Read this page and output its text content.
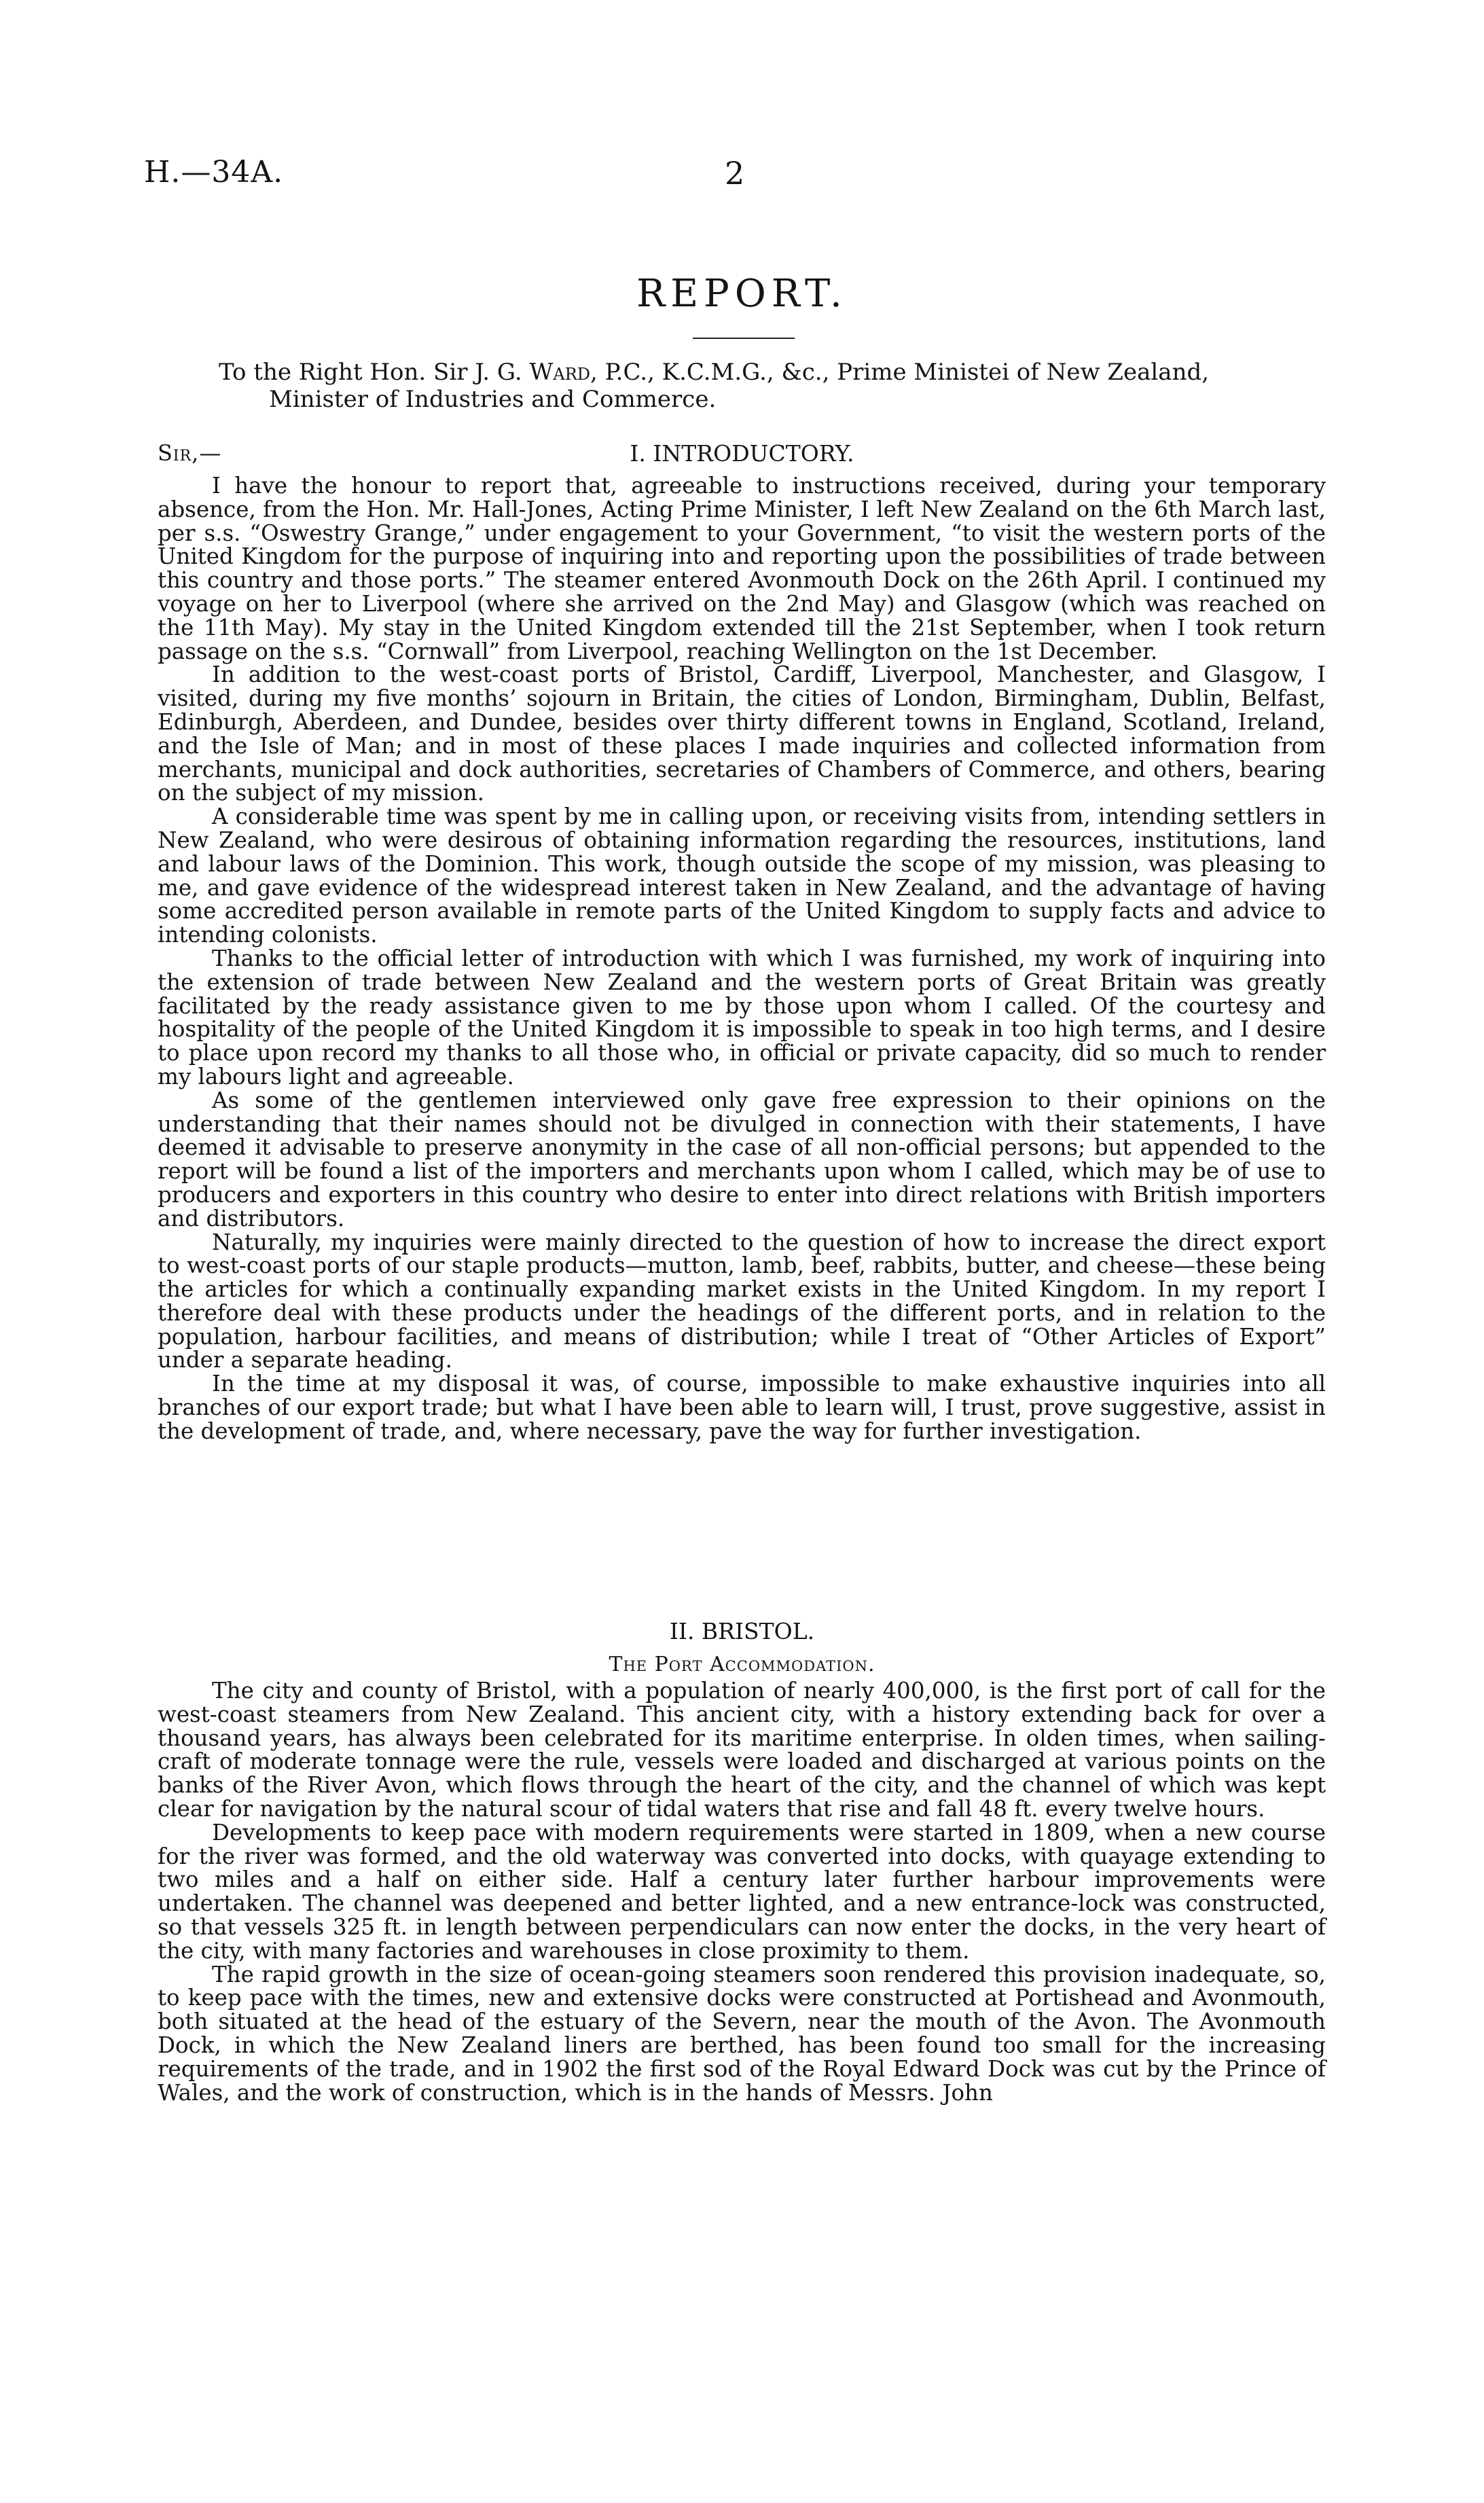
H.—34A.	2
REPORT.
To the Right Hon. Sir J. G. Ward, P.C., K.C.M.G., &c., Prime Ministei of New Zealand,
Minister of Industries and Commerce.
Sir,—	I. INTRODUCTORY.

I have the honour to report that, agreeable to instructions received, during your temporary absence, from the Hon. Mr. Hall-Jones, Acting Prime Minister, I left New Zealand on the 6th March last, per s.s. “Oswestry Grange,” under engagement to your Government, “to visit the western ports of the United Kingdom for the purpose of inquiring into and reporting upon the possibilities of trade between this country and those ports.” The steamer entered Avonmouth Dock on the 26th April. I continued my voyage on her to Liverpool (where she arrived on the 2nd May) and Glasgow (which was reached on the 11th May). My stay in the United Kingdom extended till the 21st September, when I took return passage on the s.s. “Cornwall” from Liverpool, reaching Wellington on the 1st December.

In addition to the west-coast ports of Bristol, Cardiff, Liverpool, Manchester, and Glasgow, I visited, during my five months’ sojourn in Britain, the cities of London, Birmingham, Dublin, Belfast, Edinburgh, Aberdeen, and Dundee, besides over thirty different towns in England, Scotland, Ireland, and the Isle of Man; and in most of these places I made inquiries and collected information from merchants, municipal and dock authorities, secretaries of Chambers of Commerce, and others, bearing on the subject of my mission.

A considerable time was spent by me in calling upon, or receiving visits from, intending settlers in New Zealand, who were desirous of obtaining information regarding the resources, institutions, land and labour laws of the Dominion. This work, though outside the scope of my mission, was pleasing to me, and gave evidence of the widespread interest taken in New Zealand, and the advantage of having some accredited person available in remote parts of the United Kingdom to supply facts and advice to intending colonists.

Thanks to the official letter of introduction with which I was furnished, my work of inquiring into the extension of trade between New Zealand and the western ports of Great Britain was greatly facilitated by the ready assistance given to me by those upon whom I called. Of the courtesy and hospitality of the people of the United Kingdom it is impossible to speak in too high terms, and I desire to place upon record my thanks to all those who, in official or private capacity, did so much to render my labours light and agreeable.

As some of the gentlemen interviewed only gave free expression to their opinions on the understanding that their names should not be divulged in connection with their statements, I have deemed it advisable to preserve anonymity in the case of all non-official persons; but appended to the report will be found a list of the importers and merchants upon whom I called, which may be of use to producers and exporters in this country who desire to enter into direct relations with British importers and distributors.

Naturally, my inquiries were mainly directed to the question of how to increase the direct export to west-coast ports of our staple products—mutton, lamb, beef, rabbits, butter, and cheese—these being the articles for which a continually expanding market exists in the United Kingdom. In my report I therefore deal with these products under the headings of the different ports, and in relation to the population, harbour facilities, and means of distribution; while I treat of “Other Articles of Export” under a separate heading.

In the time at my disposal it was, of course, impossible to make exhaustive inquiries into all branches of our export trade; but what I have been able to learn will, I trust, prove suggestive, assist in the development of trade, and, where necessary, pave the way for further investigation.

II. BRISTOL.
The Port Accommodation.

The city and county of Bristol, with a population of nearly 400,000, is the first port of call for the west-coast steamers from New Zealand. This ancient city, with a history extending back for over a thousand years, has always been celebrated for its maritime enterprise. In olden times, when sailing-craft of moderate tonnage were the rule, vessels were loaded and discharged at various points on the banks of the River Avon, which flows through the heart of the city, and the channel of which was kept clear for navigation by the natural scour of tidal waters that rise and fall 48 ft. every twelve hours.

Developments to keep pace with modern requirements were started in 1809, when a new course for the river was formed, and the old waterway was converted into docks, with quayage extending to two miles and a half on either side. Half a century later further harbour improvements were undertaken. The channel was deepened and better lighted, and a new entrance-lock was constructed, so that vessels 325 ft. in length between perpendiculars can now enter the docks, in the very heart of the city, with many factories and warehouses in close proximity to them.

The rapid growth in the size of ocean-going steamers soon rendered this provision inadequate, so, to keep pace with the times, new and extensive docks were constructed at Portishead and Avonmouth, both situated at the head of the estuary of the Severn, near the mouth of the Avon. The Avonmouth Dock, in which the New Zealand liners are berthed, has been found too small for the increasing requirements of the trade, and in 1902 the first sod of the Royal Edward Dock was cut by the Prince of Wales, and the work of construction, which is in the hands of Messrs. John
